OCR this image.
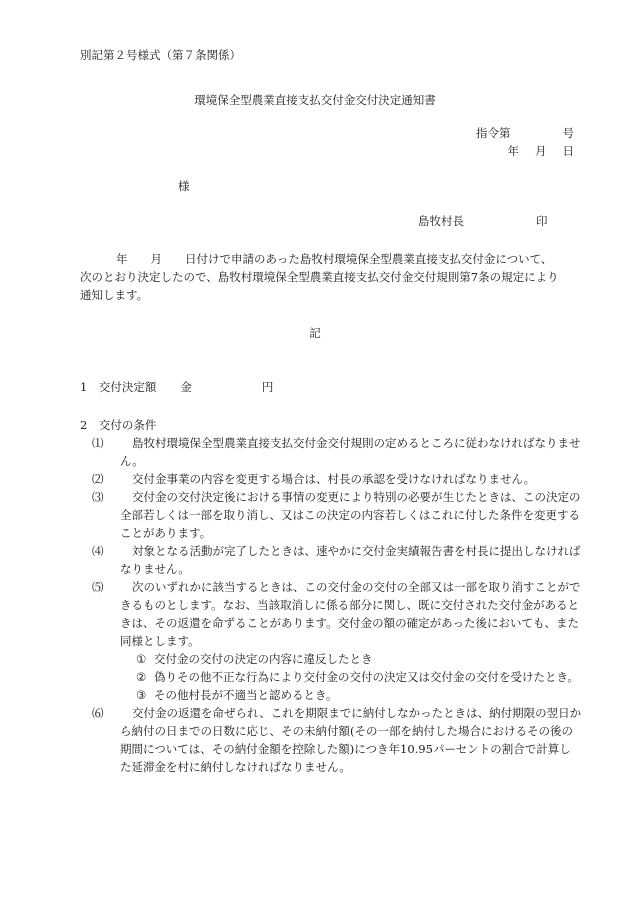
別記第２号様式（第７条関係）
環境保全型農業直接支払交付金交付決定通知書
指令第	号
年 月 日
様
島牧村長	印

年　　月　　日付けで申請のあった島牧村環境保全型農業直接支払交付金について、次のとおり決定したので、島牧村環境保全型農業直接支払交付金交付規則第7条の規定により通知します。

記
1　交付決定額 金	円
2　交付の条件
⑴	島牧村環境保全型農業直接支払交付金交付規則の定めるところに従わなければなりません。
⑵	交付金事業の内容を変更する場合は、村長の承認を受けなければなりません。
⑶	交付金の交付決定後における事情の変更により特別の必要が生じたときは、この決定の全部若しくは一部を取り消し、又はこの決定の内容若しくはこれに付した条件を変更することがあります。
⑷	対象となる活動が完了したときは、速やかに交付金実績報告書を村長に提出しなければなりません。
⑸	次のいずれかに該当するときは、この交付金の交付の全部又は一部を取り消すことができるものとします。なお、当該取消しに係る部分に関し、既に交付された交付金があるときは、その返還を命ずることがあります。交付金の額の確定があった後においても、また同様とします。
① 交付金の交付の決定の内容に違反したとき
② 偽りその他不正な行為により交付金の交付の決定又は交付金の交付を受けたとき。
③ その他村長が不適当と認めるとき。
⑹	交付金の返還を命ぜられ、これを期限までに納付しなかったときは、納付期限の翌日から納付の日までの日数に応じ、その未納付額(その一部を納付した場合におけるその後の期間については、その納付金額を控除した額)につき年10.95パーセントの割合で計算した延滞金を村に納付しなければなりません。
